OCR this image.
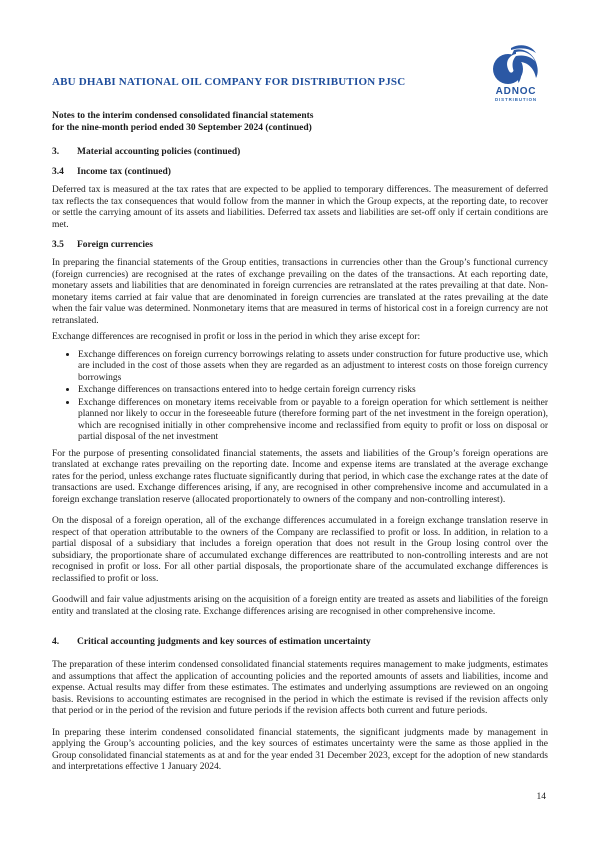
ABU DHABI NATIONAL OIL COMPANY FOR DISTRIBUTION PJSC
ADNOC
DISTRIBUTION
Notes to the interim condensed consolidated financial statements
for the nine-month period ended 30 September 2024 (continued)
3. Material accounting policies (continued)
3.4 Income tax (continued)

Deferred tax is measured at the tax rates that are expected to be applied to temporary differences. The measurement of deferred tax reflects the tax consequences that would follow from the manner in which the Group expects, at the reporting date, to recover or settle the carrying amount of its assets and liabilities. Deferred tax assets and liabilities are set-off only if certain conditions are met.

3.5 Foreign currencies

In preparing the financial statements of the Group entities, transactions in currencies other than the Group’s functional currency (foreign currencies) are recognised at the rates of exchange prevailing on the dates of the transactions. At each reporting date, monetary assets and liabilities that are denominated in foreign currencies are retranslated at the rates prevailing at that date. Non-monetary items carried at fair value that are denominated in foreign currencies are translated at the rates prevailing at the date when the fair value was determined. Nonmonetary items that are measured in terms of historical cost in a foreign currency are not retranslated.

Exchange differences are recognised in profit or loss in the period in which they arise except for:

• Exchange differences on foreign currency borrowings relating to assets under construction for future productive use, which are included in the cost of those assets when they are regarded as an adjustment to interest costs on those foreign currency borrowings
• Exchange differences on transactions entered into to hedge certain foreign currency risks
• Exchange differences on monetary items receivable from or payable to a foreign operation for which settlement is neither planned nor likely to occur in the foreseeable future (therefore forming part of the net investment in the foreign operation), which are recognised initially in other comprehensive income and reclassified from equity to profit or loss on disposal or partial disposal of the net investment

For the purpose of presenting consolidated financial statements, the assets and liabilities of the Group’s foreign operations are translated at exchange rates prevailing on the reporting date. Income and expense items are translated at the average exchange rates for the period, unless exchange rates fluctuate significantly during that period, in which case the exchange rates at the date of transactions are used. Exchange differences arising, if any, are recognised in other comprehensive income and accumulated in a foreign exchange translation reserve (allocated proportionately to owners of the company and non-controlling interest).

On the disposal of a foreign operation, all of the exchange differences accumulated in a foreign exchange translation reserve in respect of that operation attributable to the owners of the Company are reclassified to profit or loss. In addition, in relation to a partial disposal of a subsidiary that includes a foreign operation that does not result in the Group losing control over the subsidiary, the proportionate share of accumulated exchange differences are reattributed to non-controlling interests and are not recognised in profit or loss. For all other partial disposals, the proportionate share of the accumulated exchange differences is reclassified to profit or loss.

Goodwill and fair value adjustments arising on the acquisition of a foreign entity are treated as assets and liabilities of the foreign entity and translated at the closing rate. Exchange differences arising are recognised in other comprehensive income.

4. Critical accounting judgments and key sources of estimation uncertainty

The preparation of these interim condensed consolidated financial statements requires management to make judgments, estimates and assumptions that affect the application of accounting policies and the reported amounts of assets and liabilities, income and expense. Actual results may differ from these estimates. The estimates and underlying assumptions are reviewed on an ongoing basis. Revisions to accounting estimates are recognised in the period in which the estimate is revised if the revision affects only that period or in the period of the revision and future periods if the revision affects both current and future periods.

In preparing these interim condensed consolidated financial statements, the significant judgments made by management in applying the Group’s accounting policies, and the key sources of estimates uncertainty were the same as those applied in the Group consolidated financial statements as at and for the year ended 31 December 2023, except for the adoption of new standards and interpretations effective 1 January 2024.

14
